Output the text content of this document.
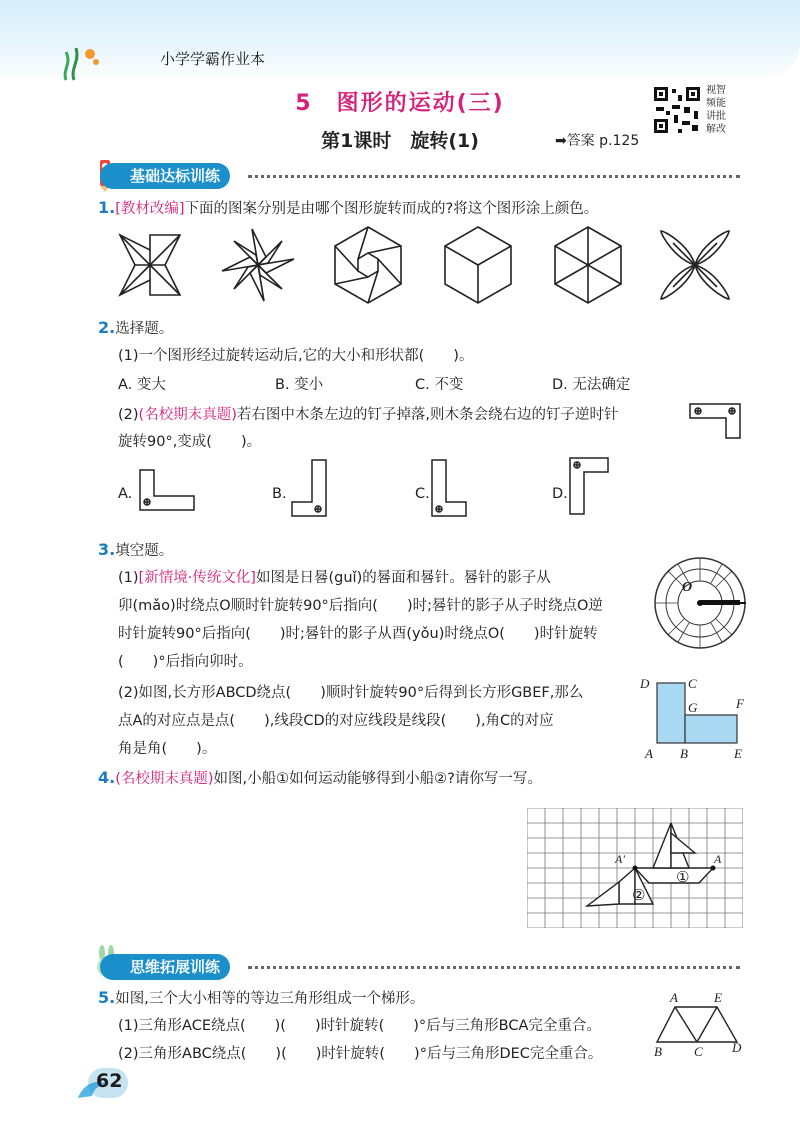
小学学霸作业本
5　图形的运动(三)
第1课时　旋转(1)	➡答案 p.125
视智频能讲批解改
基础达标训练
1.[教材改编]下面的图案分别是由哪个图形旋转而成的?将这个图形涂上颜色。
2.选择题。
(1)一个图形经过旋转运动后,它的大小和形状都(　　)。
A. 变大	B. 变小	C. 不变	D. 无法确定
(2)(名校期末真题)若右图中木条左边的钉子掉落,则木条会绕右边的钉子逆时针
旋转90°,变成(　　)。
A.	B.	C.	D.
3.填空题。
(1)[新情境·传统文化]如图是日晷(guǐ)的晷面和晷针。晷针的影子从
卯(mǎo)时绕点O顺时针旋转90°后指向(　　)时;晷针的影子从子时绕点O逆
时针旋转90°后指向(　　)时;晷针的影子从酉(yǒu)时绕点O(　　)时针旋转
(　　)°后指向卯时。
O
(2)如图,长方形ABCD绕点(　　)顺时针旋转90°后得到长方形GBEF,那么
点A的对应点是点(　　),线段CD的对应线段是线段(　　),角C的对应
角是角(　　)。
D	C
G	F
A B	E
4.(名校期末真题)如图,小船①如何运动能够得到小船②?请你写一写。
A′	A
①
②
思维拓展训练
5.如图,三个大小相等的等边三角形组成一个梯形。
(1)三角形ACE绕点(　　)(　　)时针旋转(　　)°后与三角形BCA完全重合。
(2)三角形ABC绕点(　　)(　　)时针旋转(　　)°后与三角形DEC完全重合。
A	E
B C D
62
